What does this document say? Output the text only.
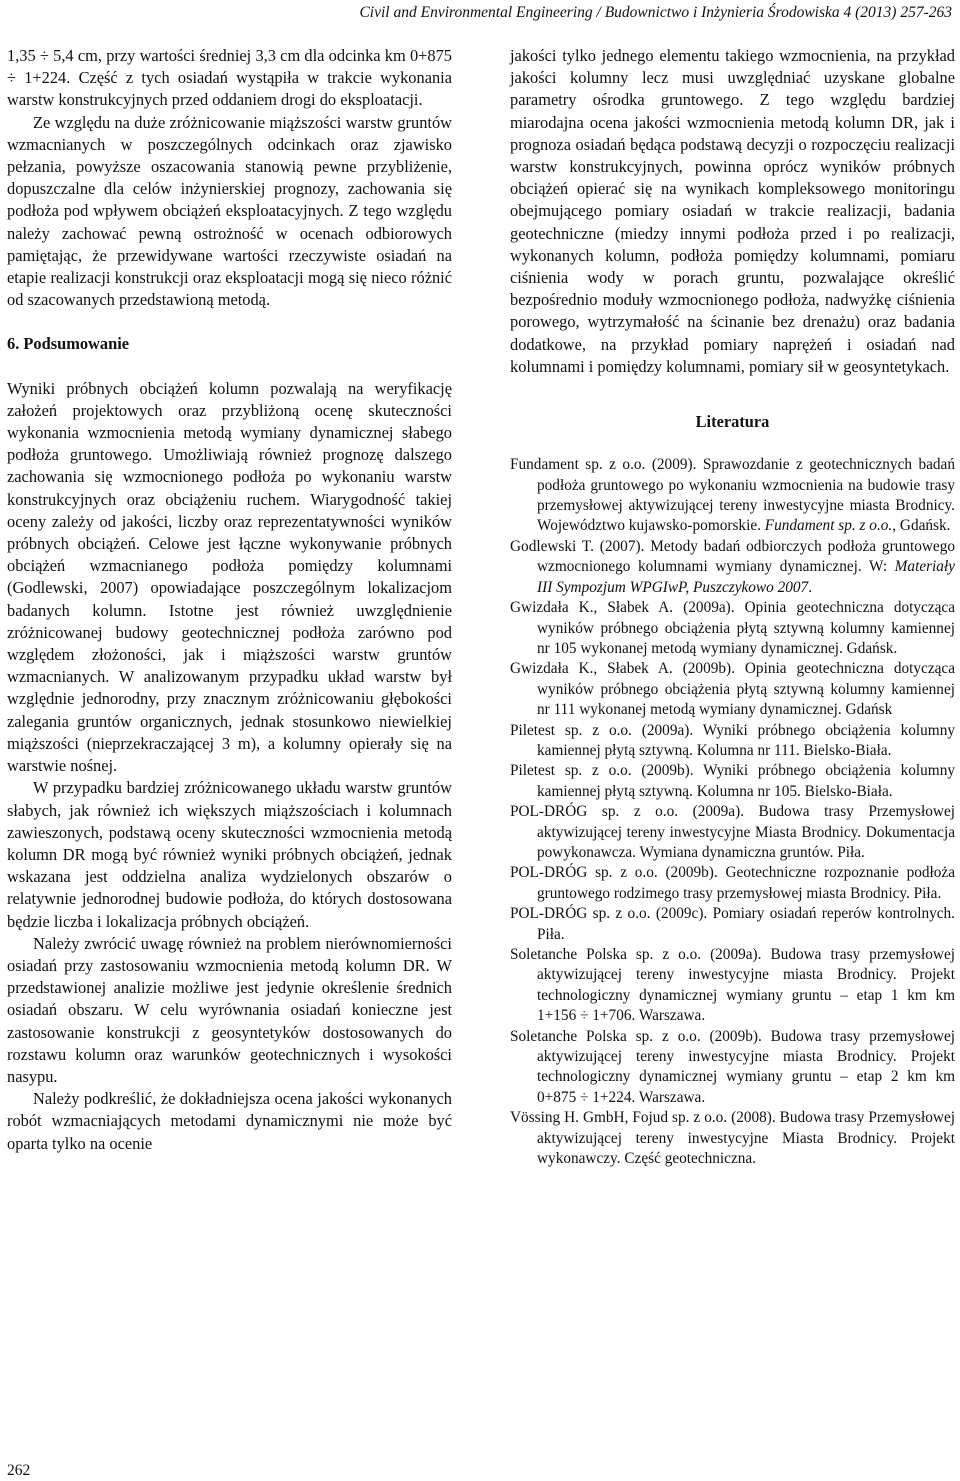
Civil and Environmental Engineering / Budownictwo i Inżynieria Środowiska 4 (2013) 257-263

1,35 ÷ 5,4 cm, przy wartości średniej 3,3 cm dla odcinka km 0+875 ÷ 1+224. Część z tych osiadań wystąpiła w trakcie wykonania warstw konstrukcyjnych przed oddaniem drogi do eksploatacji.

Ze względu na duże zróżnicowanie miąższości warstw gruntów wzmacnianych w poszczególnych odcinkach oraz zjawisko pełzania, powyższe oszacowania stanowią pewne przybliżenie, dopuszczalne dla celów inżynierskiej prognozy, zachowania się podłoża pod wpływem obciążeń eksploatacyjnych. Z tego względu należy zachować pewną ostrożność w ocenach odbiorowych pamiętając, że przewidywane wartości rzeczywiste osiadań na etapie realizacji konstrukcji oraz eksploatacji mogą się nieco różnić od szacowanych przedstawioną metodą.

6. Podsumowanie

Wyniki próbnych obciążeń kolumn pozwalają na weryfikację założeń projektowych oraz przybliżoną ocenę skuteczności wykonania wzmocnienia metodą wymiany dynamicznej słabego podłoża gruntowego. Umożliwiają również prognozę dalszego zachowania się wzmocnionego podłoża po wykonaniu warstw konstrukcyjnych oraz obciążeniu ruchem. Wiarygodność takiej oceny zależy od jakości, liczby oraz reprezentatywności wyników próbnych obciążeń. Celowe jest łączne wykonywanie próbnych obciążeń wzmacnianego podłoża pomiędzy kolumnami (Godlewski, 2007) opowiadające poszczególnym lokalizacjom badanych kolumn. Istotne jest również uwzględnienie zróżnicowanej budowy geotechnicznej podłoża zarówno pod względem złożoności, jak i miąższości warstw gruntów wzmacnianych. W analizowanym przypadku układ warstw był względnie jednorodny, przy znacznym zróżnicowaniu głębokości zalegania gruntów organicznych, jednak stosunkowo niewielkiej miąższości (nieprzekraczającej 3 m), a kolumny opierały się na warstwie nośnej.

W przypadku bardziej zróżnicowanego układu warstw gruntów słabych, jak również ich większych miąższościach i kolumnach zawieszonych, podstawą oceny skuteczności wzmocnienia metodą kolumn DR mogą być również wyniki próbnych obciążeń, jednak wskazana jest oddzielna analiza wydzielonych obszarów o relatywnie jednorodnej budowie podłoża, do których dostosowana będzie liczba i lokalizacja próbnych obciążeń.

Należy zwrócić uwagę również na problem nierównomierności osiadań przy zastosowaniu wzmocnienia metodą kolumn DR. W przedstawionej analizie możliwe jest jedynie określenie średnich osiadań obszaru. W celu wyrównania osiadań konieczne jest zastosowanie konstrukcji z geosyntetyków dostosowanych do rozstawu kolumn oraz warunków geotechnicznych i wysokości nasypu.

Należy podkreślić, że dokładniejsza ocena jakości wykonanych robót wzmacniających metodami dynamicznymi nie może być oparta tylko na ocenie

jakości tylko jednego elementu takiego wzmocnienia, na przykład jakości kolumny lecz musi uwzględniać uzyskane globalne parametry ośrodka gruntowego. Z tego względu bardziej miarodajna ocena jakości wzmocnienia metodą kolumn DR, jak i prognoza osiadań będąca podstawą decyzji o rozpoczęciu realizacji warstw konstrukcyjnych, powinna oprócz wyników próbnych obciążeń opierać się na wynikach kompleksowego monitoringu obejmującego pomiary osiadań w trakcie realizacji, badania geotechniczne (miedzy innymi podłoża przed i po realizacji, wykonanych kolumn, podłoża pomiędzy kolumnami, pomiaru ciśnienia wody w porach gruntu, pozwalające określić bezpośrednio moduły wzmocnionego podłoża, nadwyżkę ciśnienia porowego, wytrzymałość na ścinanie bez drenażu) oraz badania dodatkowe, na przykład pomiary naprężeń i osiadań nad kolumnami i pomiędzy kolumnami, pomiary sił w geosyntetykach.

Literatura

Fundament sp. z o.o. (2009). Sprawozdanie z geotechnicznych badań podłoża gruntowego po wykonaniu wzmocnienia na budowie trasy przemysłowej aktywizującej tereny inwestycyjne miasta Brodnicy. Województwo kujawsko-pomorskie. Fundament sp. z o.o., Gdańsk.

Godlewski T. (2007). Metody badań odbiorczych podłoża gruntowego wzmocnionego kolumnami wymiany dynamicznej. W: Materiały III Sympozjum WPGIwP, Puszczykowo 2007.

Gwizdała K., Słabek A. (2009a). Opinia geotechniczna dotycząca wyników próbnego obciążenia płytą sztywną kolumny kamiennej nr 105 wykonanej metodą wymiany dynamicznej. Gdańsk.

Gwizdała K., Słabek A. (2009b). Opinia geotechniczna dotycząca wyników próbnego obciążenia płytą sztywną kolumny kamiennej nr 111 wykonanej metodą wymiany dynamicznej. Gdańsk

Piletest sp. z o.o. (2009a). Wyniki próbnego obciążenia kolumny kamiennej płytą sztywną. Kolumna nr 111. Bielsko-Biała.

Piletest sp. z o.o. (2009b). Wyniki próbnego obciążenia kolumny kamiennej płytą sztywną. Kolumna nr 105. Bielsko-Biała.

POL-DRÓG sp. z o.o. (2009a). Budowa trasy Przemysłowej aktywizującej tereny inwestycyjne Miasta Brodnicy. Dokumentacja powykonawcza. Wymiana dynamiczna gruntów. Piła.

POL-DRÓG sp. z o.o. (2009b). Geotechniczne rozpoznanie podłoża gruntowego rodzimego trasy przemysłowej miasta Brodnicy. Piła.

POL-DRÓG sp. z o.o. (2009c). Pomiary osiadań reperów kontrolnych. Piła.

Soletanche Polska sp. z o.o. (2009a). Budowa trasy przemysłowej aktywizującej tereny inwestycyjne miasta Brodnicy. Projekt technologiczny dynamicznej wymiany gruntu – etap 1 km km 1+156 ÷ 1+706. Warszawa.

Soletanche Polska sp. z o.o. (2009b). Budowa trasy przemysłowej aktywizującej tereny inwestycyjne miasta Brodnicy. Projekt technologiczny dynamicznej wymiany gruntu – etap 2 km km 0+875 ÷ 1+224. Warszawa.

Vössing H. GmbH, Fojud sp. z o.o. (2008). Budowa trasy Przemysłowej aktywizującej tereny inwestycyjne Miasta Brodnicy. Projekt wykonawczy. Część geotechniczna.

262
